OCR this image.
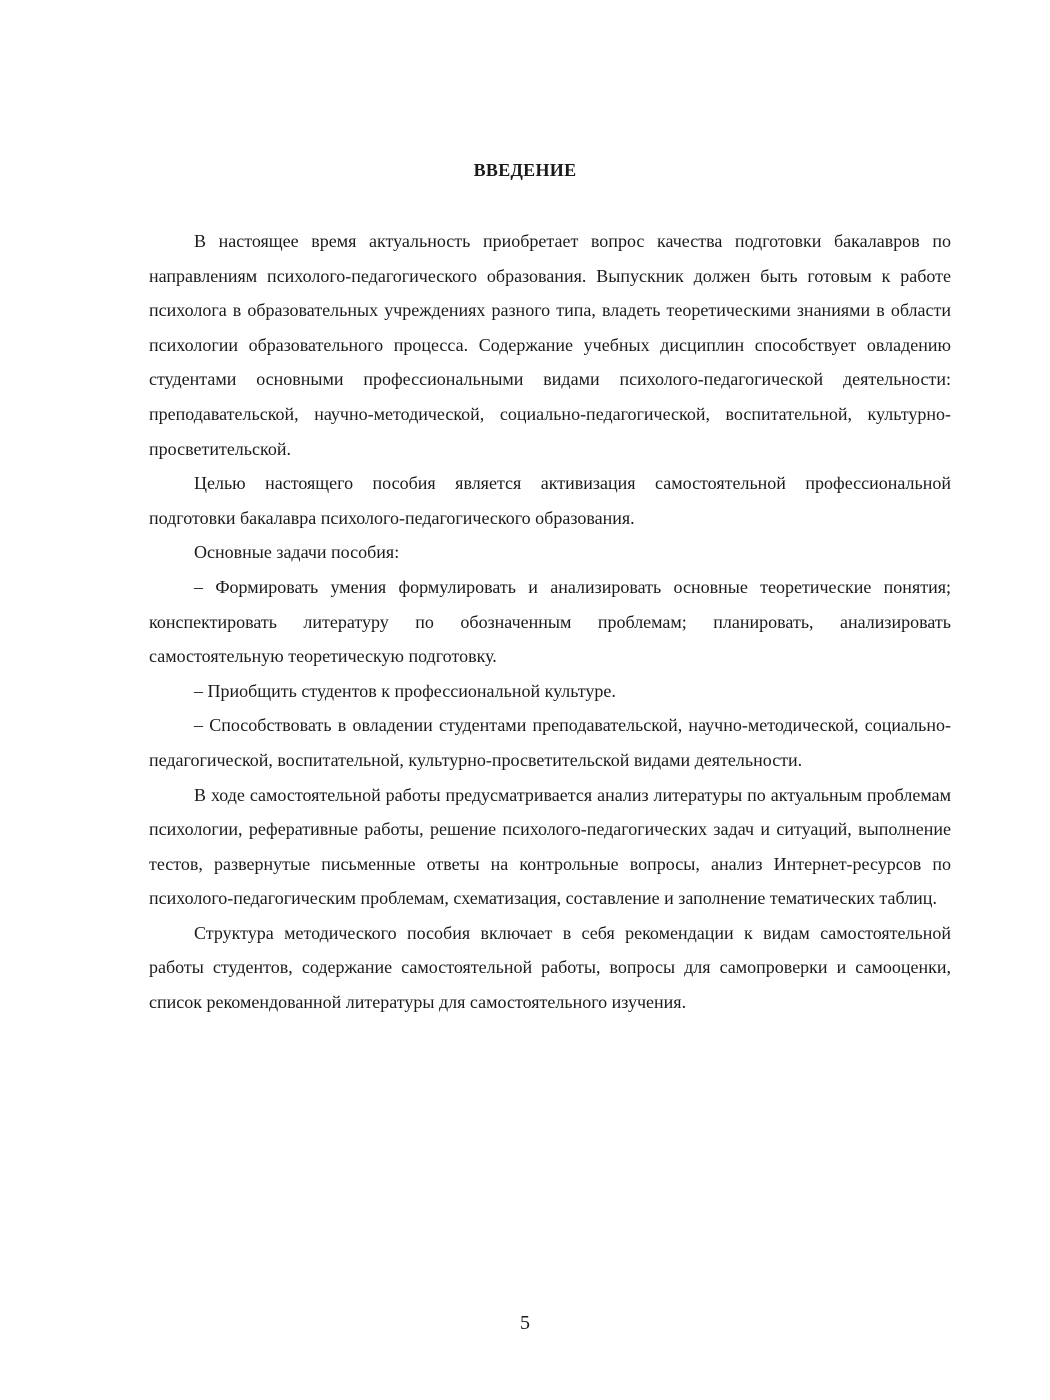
ВВЕДЕНИЕ

В настоящее время актуальность приобретает вопрос качества подготовки бакалавров по направлениям психолого-педагогического образования. Выпускник должен быть готовым к работе психолога в образовательных учреждениях разного типа, владеть теоретическими знаниями в области психологии образовательного процесса. Содержание учебных дисциплин способствует овладению студентами основными профессиональными видами психолого-педагогической деятельности: преподавательской, научно-методической, социально-педагогической, воспитательной, культурно-просветительской.

Целью настоящего пособия является активизация самостоятельной профессиональной подготовки бакалавра психолого-педагогического образования.

Основные задачи пособия:

– Формировать умения формулировать и анализировать основные теоретические понятия; конспектировать литературу по обозначенным проблемам; планировать, анализировать самостоятельную теоретическую подготовку.

– Приобщить студентов к профессиональной культуре.

– Способствовать в овладении студентами преподавательской, научно-методической, социально-педагогической, воспитательной, культурно-просветительской видами деятельности.

В ходе самостоятельной работы предусматривается анализ литературы по актуальным проблемам психологии, реферативные работы, решение психолого-педагогических задач и ситуаций, выполнение тестов, развернутые письменные ответы на контрольные вопросы, анализ Интернет-ресурсов по психолого-педагогическим проблемам, схематизация, составление и заполнение тематических таблиц.

Структура методического пособия включает в себя рекомендации к видам самостоятельной работы студентов, содержание самостоятельной работы, вопросы для самопроверки и самооценки, список рекомендованной литературы для самостоятельного изучения.

5
